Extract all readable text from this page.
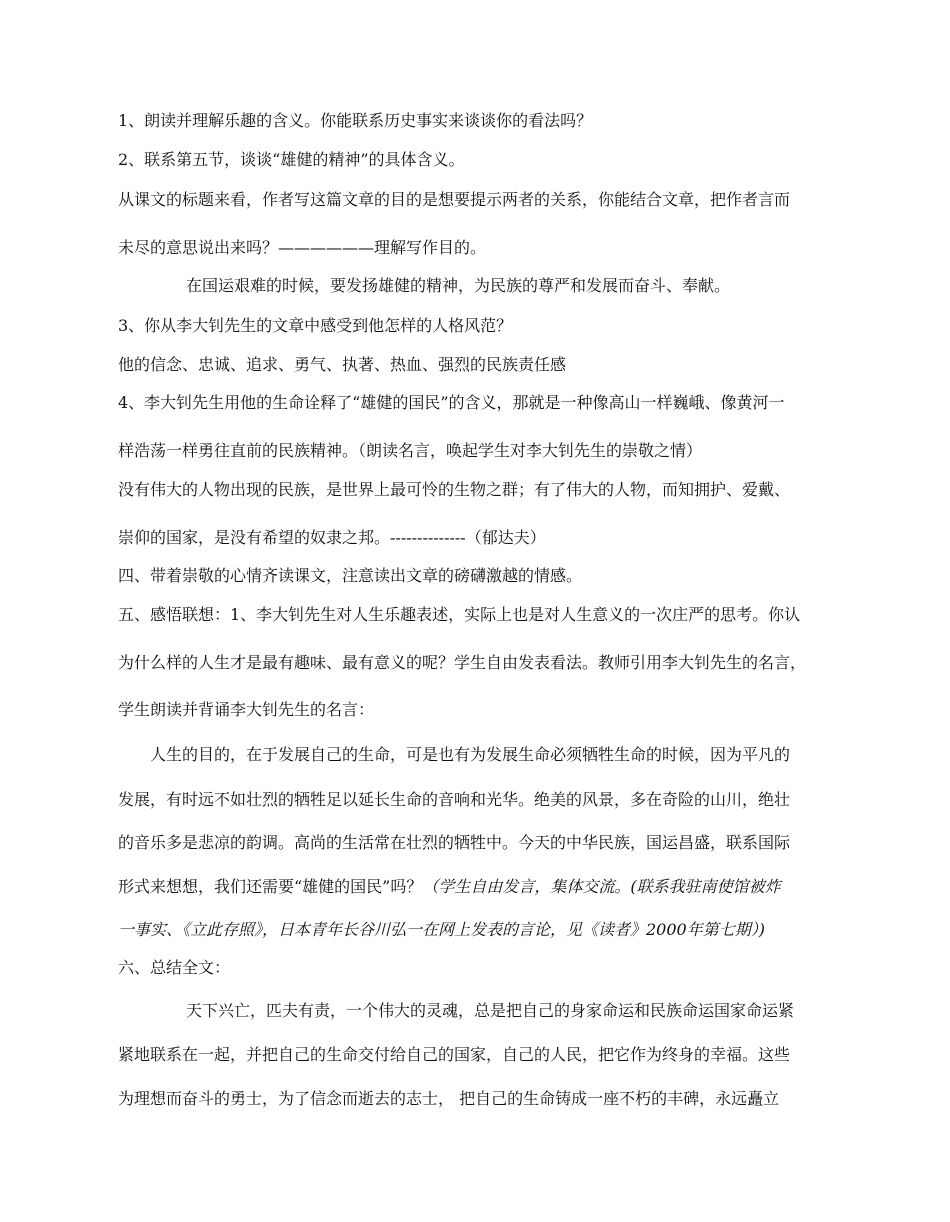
1、朗读并理解乐趣的含义。你能联系历史事实来谈谈你的看法吗？
2、联系第五节，谈谈“雄健的精神”的具体含义。
从课文的标题来看，作者写这篇文章的目的是想要提示两者的关系，你能结合文章，把作者言而
未尽的意思说出来吗？——————理解写作目的。
在国运艰难的时候，要发扬雄健的精神，为民族的尊严和发展而奋斗、奉献。
3、你从李大钊先生的文章中感受到他怎样的人格风范？
他的信念、忠诚、追求、勇气、执著、热血、强烈的民族责任感
4、李大钊先生用他的生命诠释了“雄健的国民”的含义，那就是一种像高山一样巍峨、像黄河一
样浩荡一样勇往直前的民族精神。（朗读名言，唤起学生对李大钊先生的崇敬之情）
没有伟大的人物出现的民族，是世界上最可怜的生物之群；有了伟大的人物，而知拥护、爱戴、
崇仰的国家，是没有希望的奴隶之邦。--------------（郁达夫）
四、带着崇敬的心情齐读课文，注意读出文章的磅礴激越的情感。
五、感悟联想：1、李大钊先生对人生乐趣表述，实际上也是对人生意义的一次庄严的思考。你认
为什么样的人生才是最有趣味、最有意义的呢？学生自由发表看法。教师引用李大钊先生的名言，
学生朗读并背诵李大钊先生的名言：
人生的目的，在于发展自己的生命，可是也有为发展生命必须牺牲生命的时候，因为平凡的
发展，有时远不如壮烈的牺牲足以延长生命的音响和光华。绝美的风景，多在奇险的山川，绝壮
的音乐多是悲凉的韵调。高尚的生活常在壮烈的牺牲中。今天的中华民族，国运昌盛，联系国际
形式来想想，我们还需要“雄健的国民”吗？（学生自由发言，集体交流。(联系我驻南使馆被炸
一事实、《立此存照》，日本青年长谷川弘一在网上发表的言论，见《读者》2000年第七期）)
六、总结全文：
天下兴亡，匹夫有责，一个伟大的灵魂，总是把自己的身家命运和民族命运国家命运紧
紧地联系在一起，并把自己的生命交付给自己的国家，自己的人民，把它作为终身的幸福。这些
为理想而奋斗的勇士，为了信念而逝去的志士， 把自己的生命铸成一座不朽的丰碑，永远矗立
